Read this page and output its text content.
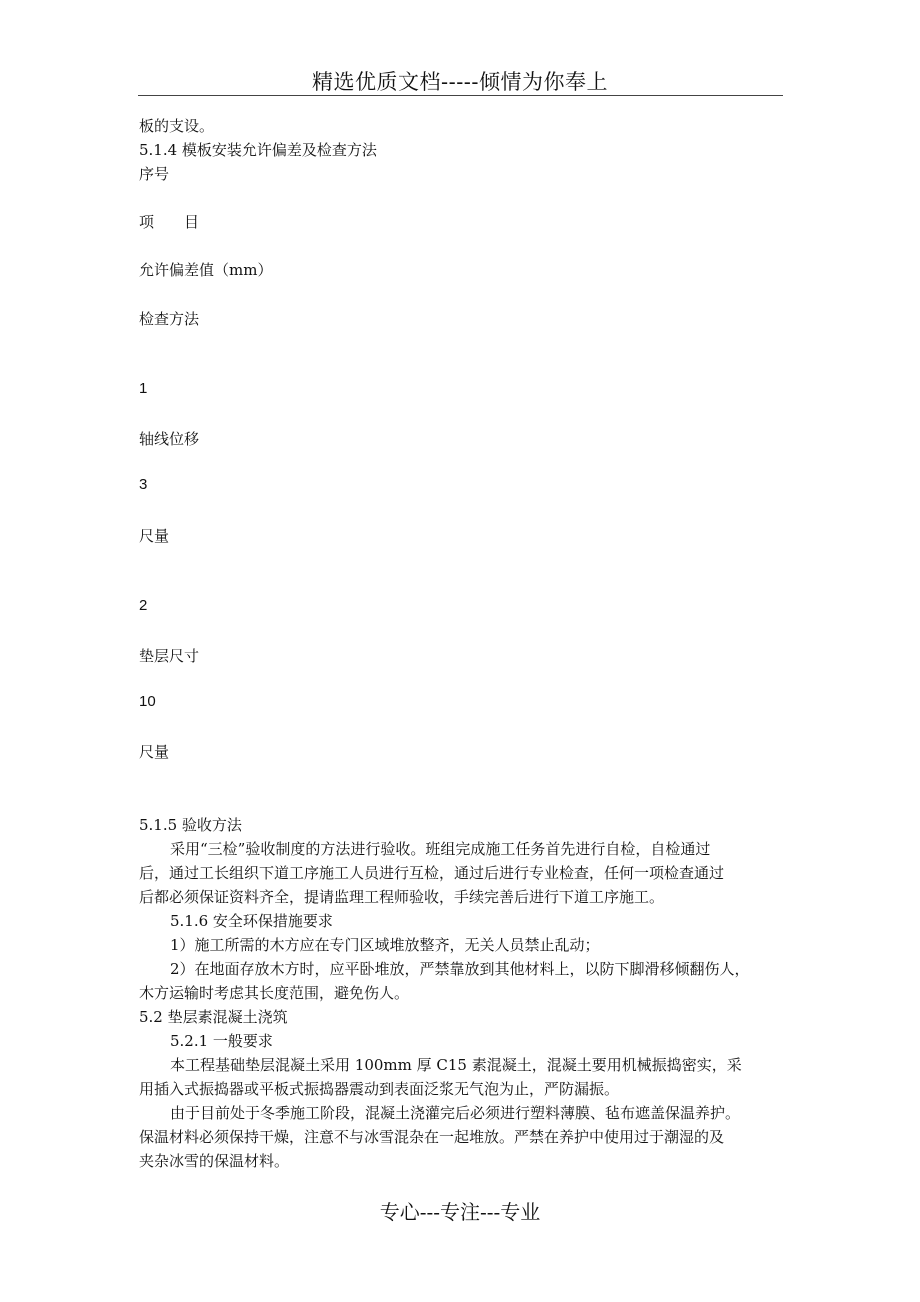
精选优质文档-----倾情为你奉上
板的支设。
5.1.4 模板安装允许偏差及检查方法
序号
项　　目
允许偏差值（mm）
检查方法
1
轴线位移
3
尺量
2
垫层尺寸
10
尺量
5.1.5 验收方法
采用“三检”验收制度的方法进行验收。班组完成施工任务首先进行自检，自检通过
后，通过工长组织下道工序施工人员进行互检，通过后进行专业检查，任何一项检查通过
后都必须保证资料齐全，提请监理工程师验收，手续完善后进行下道工序施工。
5.1.6 安全环保措施要求
1）施工所需的木方应在专门区域堆放整齐，无关人员禁止乱动；
2）在地面存放木方时，应平卧堆放，严禁靠放到其他材料上，以防下脚滑移倾翻伤人，
木方运输时考虑其长度范围，避免伤人。
5.2 垫层素混凝土浇筑
5.2.1 一般要求
本工程基础垫层混凝土采用 100mm 厚 C15 素混凝土，混凝土要用机械振捣密实，采
用插入式振捣器或平板式振捣器震动到表面泛浆无气泡为止，严防漏振。
由于目前处于冬季施工阶段，混凝土浇灌完后必须进行塑料薄膜、毡布遮盖保温养护。
保温材料必须保持干燥，注意不与冰雪混杂在一起堆放。严禁在养护中使用过于潮湿的及
夹杂冰雪的保温材料。
专心---专注---专业
